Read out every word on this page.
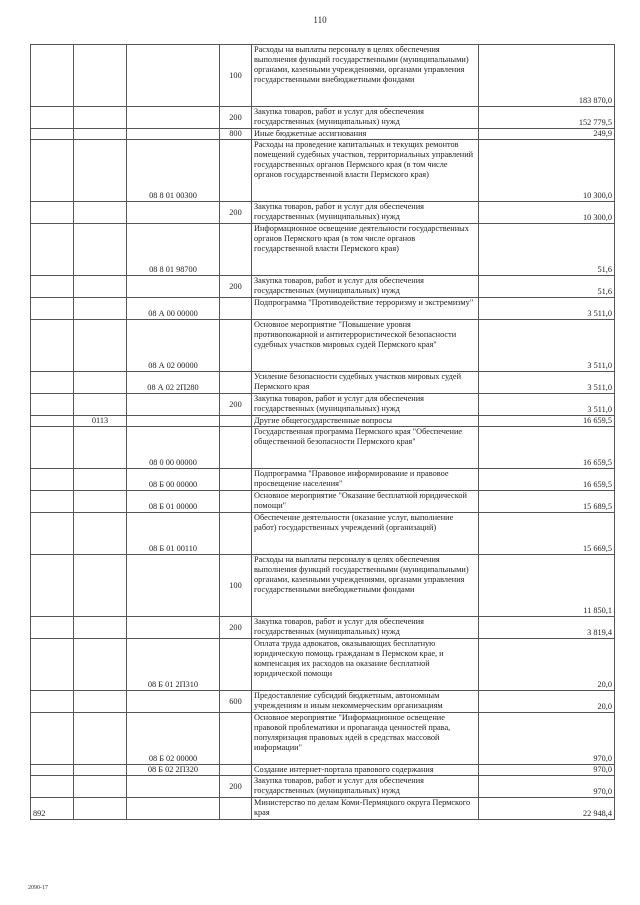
110
			100	Расходы на выплаты персоналу в целях обеспечения выполнения функций государственными (муниципальными) органами, казенными учреждениями, органами управления государственными внебюджетными фондами	183 870,0
			200	Закупка товаров, работ и услуг для обеспечения государственных (муниципальных) нужд	152 779,5
			800	Иные бюджетные ассигнования	249,9
		08 8 01 00300		Расходы на проведение капитальных и текущих ремонтов помещений судебных участков, территориальных управлений государственных органов Пермского края (в том числе органов государственной власти Пермского края)	10 300,0
			200	Закупка товаров, работ и услуг для обеспечения государственных (муниципальных) нужд	10 300,0
		08 8 01 98700		Информационное освещение деятельности государственных органов Пермского края (в том числе органов государственной власти Пермского края)	51,6
			200	Закупка товаров, работ и услуг для обеспечения государственных (муниципальных) нужд	51,6
		08 А 00 00000		Подпрограмма "Противодействие терроризму и экстремизму"	3 511,0
		08 А 02 00000		Основное мероприятие "Повышение уровня противопожарной и антитеррористической безопасности судебных участков мировых судей Пермского края"	3 511,0
		08 А 02 2П280		Усиление безопасности судебных участков мировых судей Пермского края	3 511,0
			200	Закупка товаров, работ и услуг для обеспечения государственных (муниципальных) нужд	3 511,0
	0113			Другие общегосударственные вопросы	16 659,5
		08 0 00 00000		Государственная программа Пермского края "Обеспечение общественной безопасности Пермского края"	16 659,5
		08 Б 00 00000		Подпрограмма "Правовое информирование и правовое просвещение населения"	16 659,5
		08 Б 01 00000		Основное мероприятие "Оказание бесплатной юридической помощи"	15 689,5
		08 Б 01 00110		Обеспечение деятельности (оказание услуг, выполнение работ) государственных учреждений (организаций)	15 669,5
			100	Расходы на выплаты персоналу в целях обеспечения выполнения функций государственными (муниципальными) органами, казенными учреждениями, органами управления государственными внебюджетными фондами	11 850,1
			200	Закупка товаров, работ и услуг для обеспечения государственных (муниципальных) нужд	3 819,4
		08 Б 01 2П310		Оплата труда адвокатов, оказывающих бесплатную юридическую помощь гражданам в Пермском крае, и компенсация их расходов на оказание бесплатной юридической помощи	20,0
			600	Предоставление субсидий бюджетным, автономным учреждениям и иным некоммерческим организациям	20,0
		08 Б 02 00000		Основное мероприятие "Информационное освещение правовой проблематики и пропаганда ценностей права, популяризация правовых идей в средствах массовой информации"	970,0
		08 Б 02 2П320		Создание интернет-портала правового содержания	970,0
			200	Закупка товаров, работ и услуг для обеспечения государственных (муниципальных) нужд	970,0
892				Министерство по делам Коми-Пермяцкого округа Пермского края	22 948,4
2090-17
